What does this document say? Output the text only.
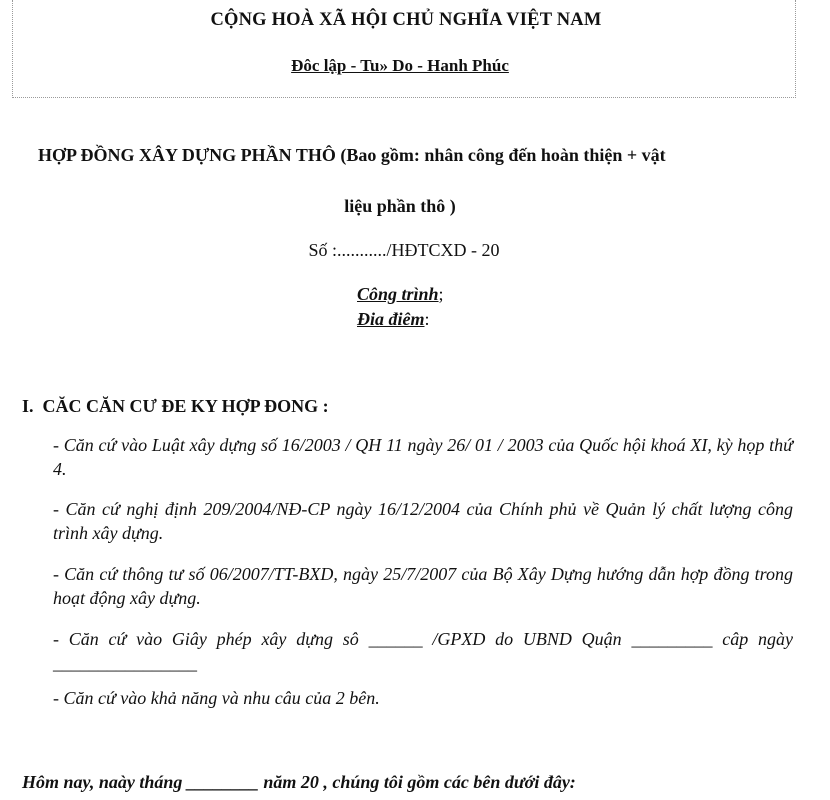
CỘNG HOÀ XÃ HỘI CHỦ NGHĨA VIỆT NAM
Đôc lập - Tu» Do - Hanh Phúc
HỢP ĐỒNG XÂY DỰNG PHẦN THÔ (Bao gồm: nhân công đến hoàn thiện + vật
liệu phần thô )
Số :.........../HĐTCXD - 20
Công trình;
Đia điêm:
I. CĂC CĂN CƯ ĐE KY HỢP ĐONG :
- Căn cứ vào Luật xây dựng số 16/2003 / QH 11 ngày 26/ 01 / 2003 của Quốc hội khoá XI, kỳ họp thứ 4.
- Căn cứ nghị định 209/2004/NĐ-CP ngày 16/12/2004 của Chính phủ về Quản lý chất lượng công trình xây dựng.
- Căn cứ thông tư số 06/2007/TT-BXD, ngày 25/7/2007 của Bộ Xây Dựng hướng dẫn hợp đồng trong hoạt động xây dựng.
- Căn cứ vào Giây phép xây dựng sô ______ /GPXD do UBND Quận _________ câp ngày ________________
- Căn cứ vào khả năng và nhu câu của 2 bên.
Hôm nay, naày tháng ________ năm 20 , chúng tôi gồm các bên dưới đây:
